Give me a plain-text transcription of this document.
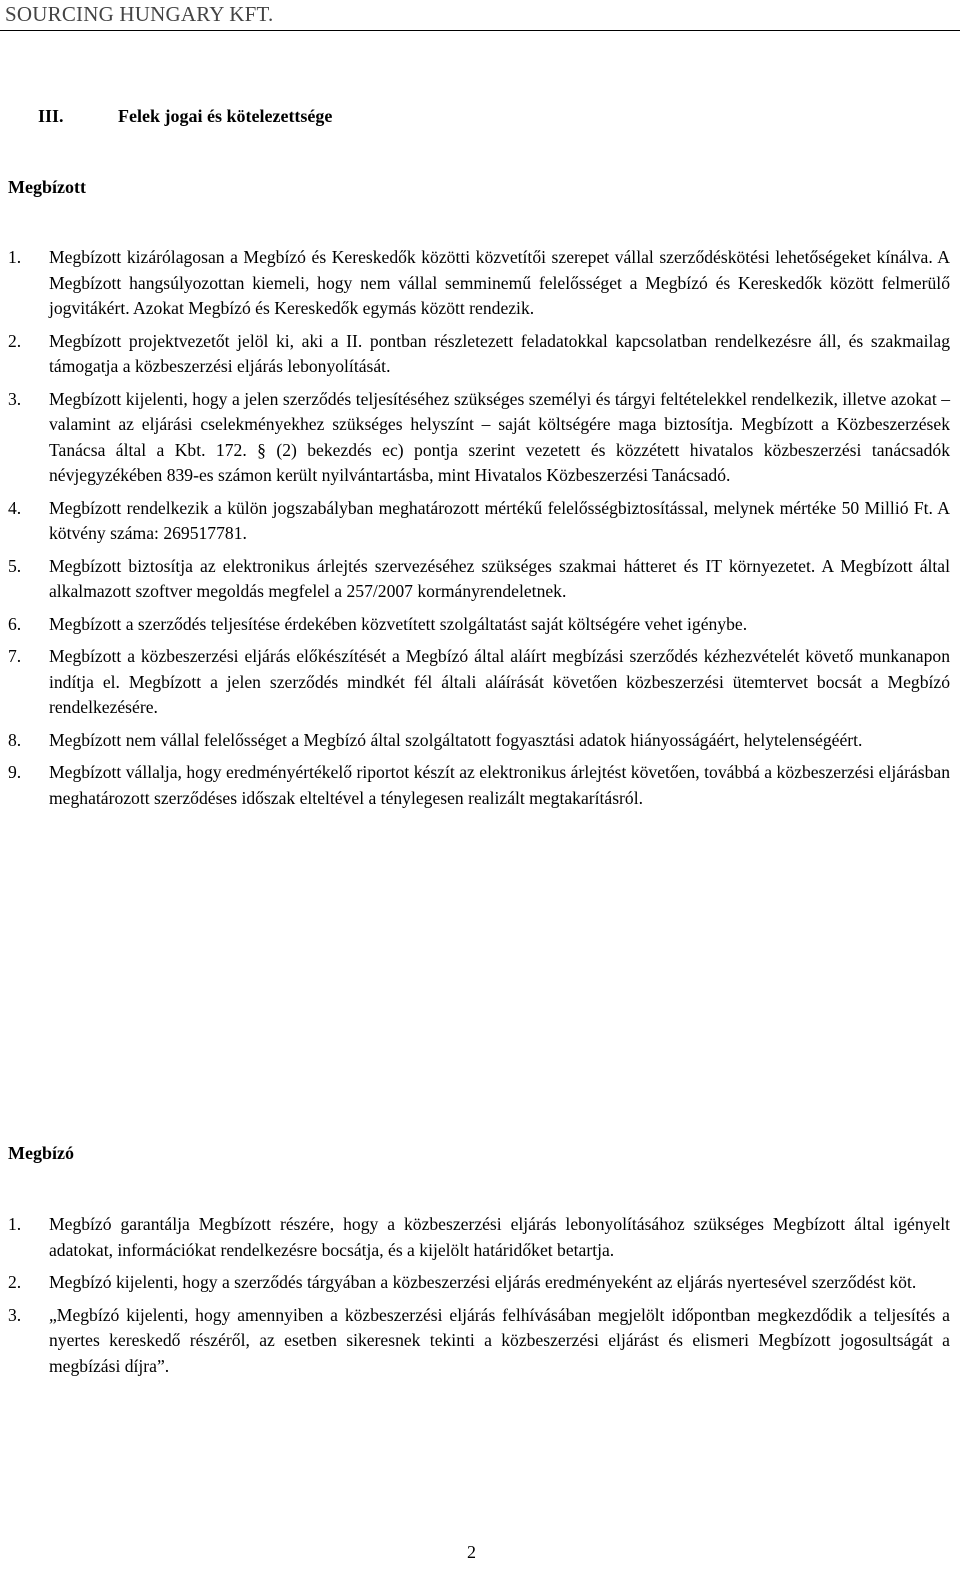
SOURCING HUNGARY KFT.
III.	Felek jogai és kötelezettsége
Megbízott
1. Megbízott kizárólagosan a Megbízó és Kereskedők közötti közvetítői szerepet vállal szerződéskötési lehetőségeket kínálva. A Megbízott hangsúlyozottan kiemeli, hogy nem vállal semminemű felelősséget a Megbízó és Kereskedők között felmerülő jogvitákért. Azokat Megbízó és Kereskedők egymás között rendezik.
2. Megbízott projektvezetőt jelöl ki, aki a II. pontban részletezett feladatokkal kapcsolatban rendelkezésre áll, és szakmailag támogatja a közbeszerzési eljárás lebonyolítását.
3. Megbízott kijelenti, hogy a jelen szerződés teljesítéséhez szükséges személyi és tárgyi feltételekkel rendelkezik, illetve azokat – valamint az eljárási cselekményekhez szükséges helyszínt – saját költségére maga biztosítja. Megbízott a Közbeszerzések Tanácsa által a Kbt. 172. § (2) bekezdés ec) pontja szerint vezetett és közzétett hivatalos közbeszerzési tanácsadók névjegyzékében 839-es számon került nyilvántartásba, mint Hivatalos Közbeszerzési Tanácsadó.
4. Megbízott rendelkezik a külön jogszabályban meghatározott mértékű felelősségbiztosítással, melynek mértéke 50 Millió Ft. A kötvény száma: 269517781.
5. Megbízott biztosítja az elektronikus árlejtés szervezéséhez szükséges szakmai hátteret és IT környezetet. A Megbízott által alkalmazott szoftver megoldás megfelel a 257/2007 kormányrendeletnek.
6. Megbízott a szerződés teljesítése érdekében közvetített szolgáltatást saját költségére vehet igénybe.
7. Megbízott a közbeszerzési eljárás előkészítését a Megbízó által aláírt megbízási szerződés kézhezvételét követő munkanapon indítja el. Megbízott a jelen szerződés mindkét fél általi aláírását követően közbeszerzési ütemtervet bocsát a Megbízó rendelkezésére.
8. Megbízott nem vállal felelősséget a Megbízó által szolgáltatott fogyasztási adatok hiányosságáért, helytelenségéért.
9. Megbízott vállalja, hogy eredményértékelő riportot készít az elektronikus árlejtést követően, továbbá a közbeszerzési eljárásban meghatározott szerződéses időszak elteltével a ténylegesen realizált megtakarításról.
Megbízó
1. Megbízó garantálja Megbízott részére, hogy a közbeszerzési eljárás lebonyolításához szükséges Megbízott által igényelt adatokat, információkat rendelkezésre bocsátja, és a kijelölt határidőket betartja.
2. Megbízó kijelenti, hogy a szerződés tárgyában a közbeszerzési eljárás eredményeként az eljárás nyertesével szerződést köt.
3. „Megbízó kijelenti, hogy amennyiben a közbeszerzési eljárás felhívásában megjelölt időpontban megkezdődik a teljesítés a nyertes kereskedő részéről, az esetben sikeresnek tekinti a közbeszerzési eljárást és elismeri Megbízott jogosultságát a megbízási díjra”.
2
